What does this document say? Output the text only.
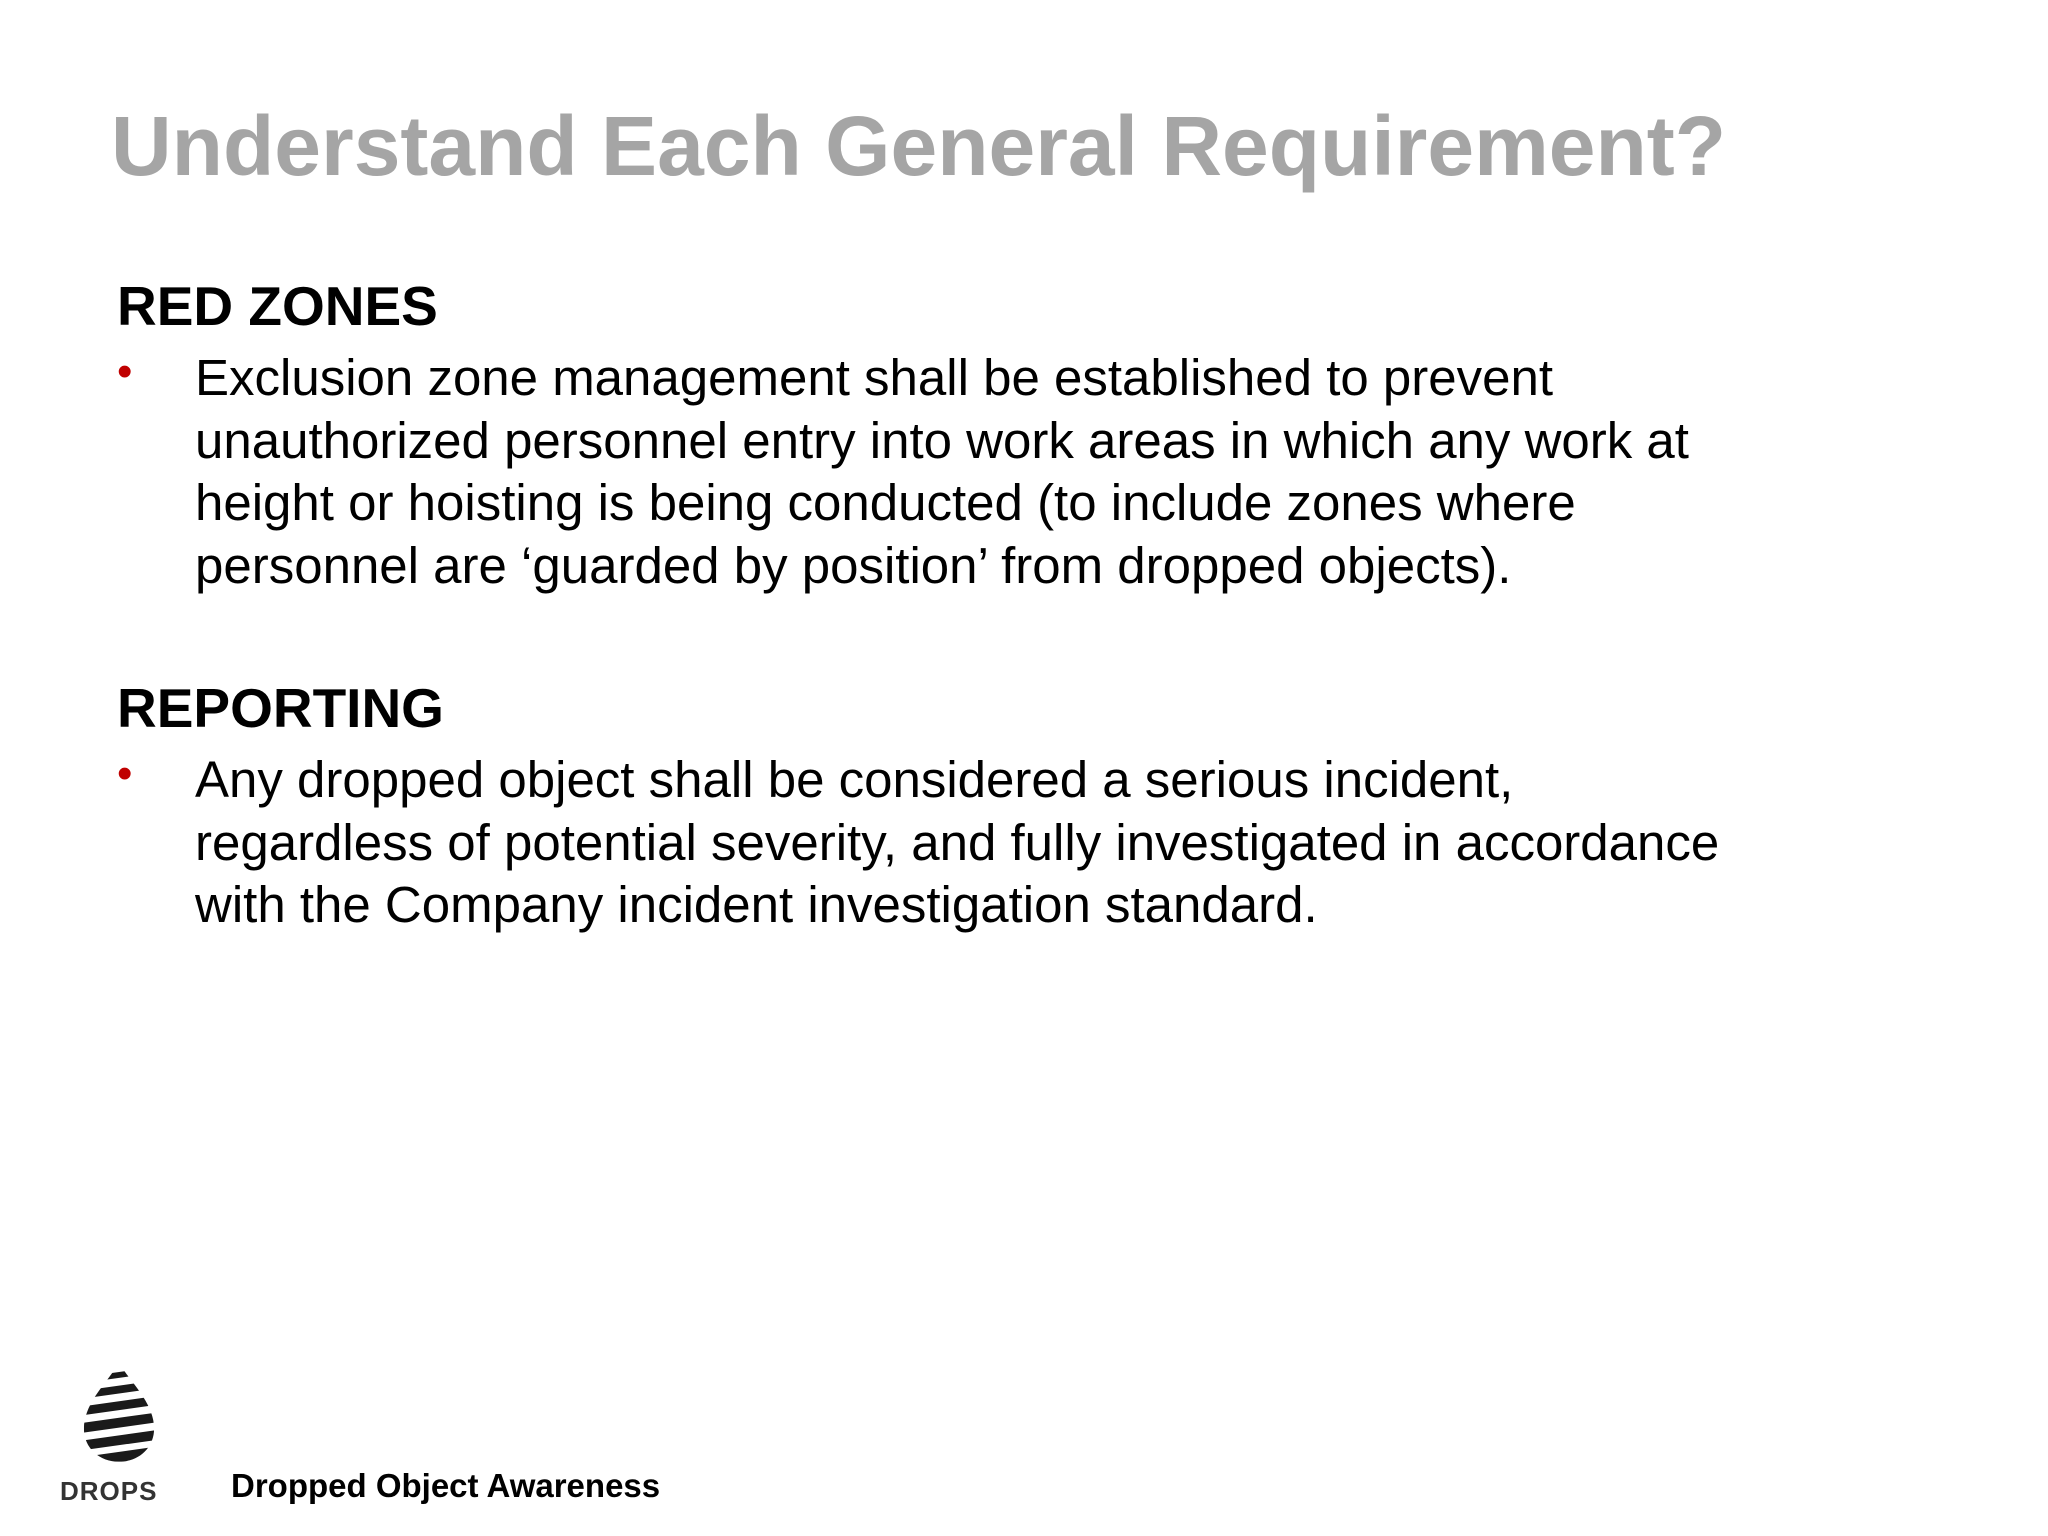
Understand Each General Requirement?
RED ZONES
• Exclusion zone management shall be established to prevent
unauthorized personnel entry into work areas in which any work at
height or hoisting is being conducted (to include zones where
personnel are ‘guarded by position’ from dropped objects).
REPORTING
• Any dropped object shall be considered a serious incident,
regardless of potential severity, and fully investigated in accordance
with the Company incident investigation standard.
DROPS	Dropped Object Awareness
